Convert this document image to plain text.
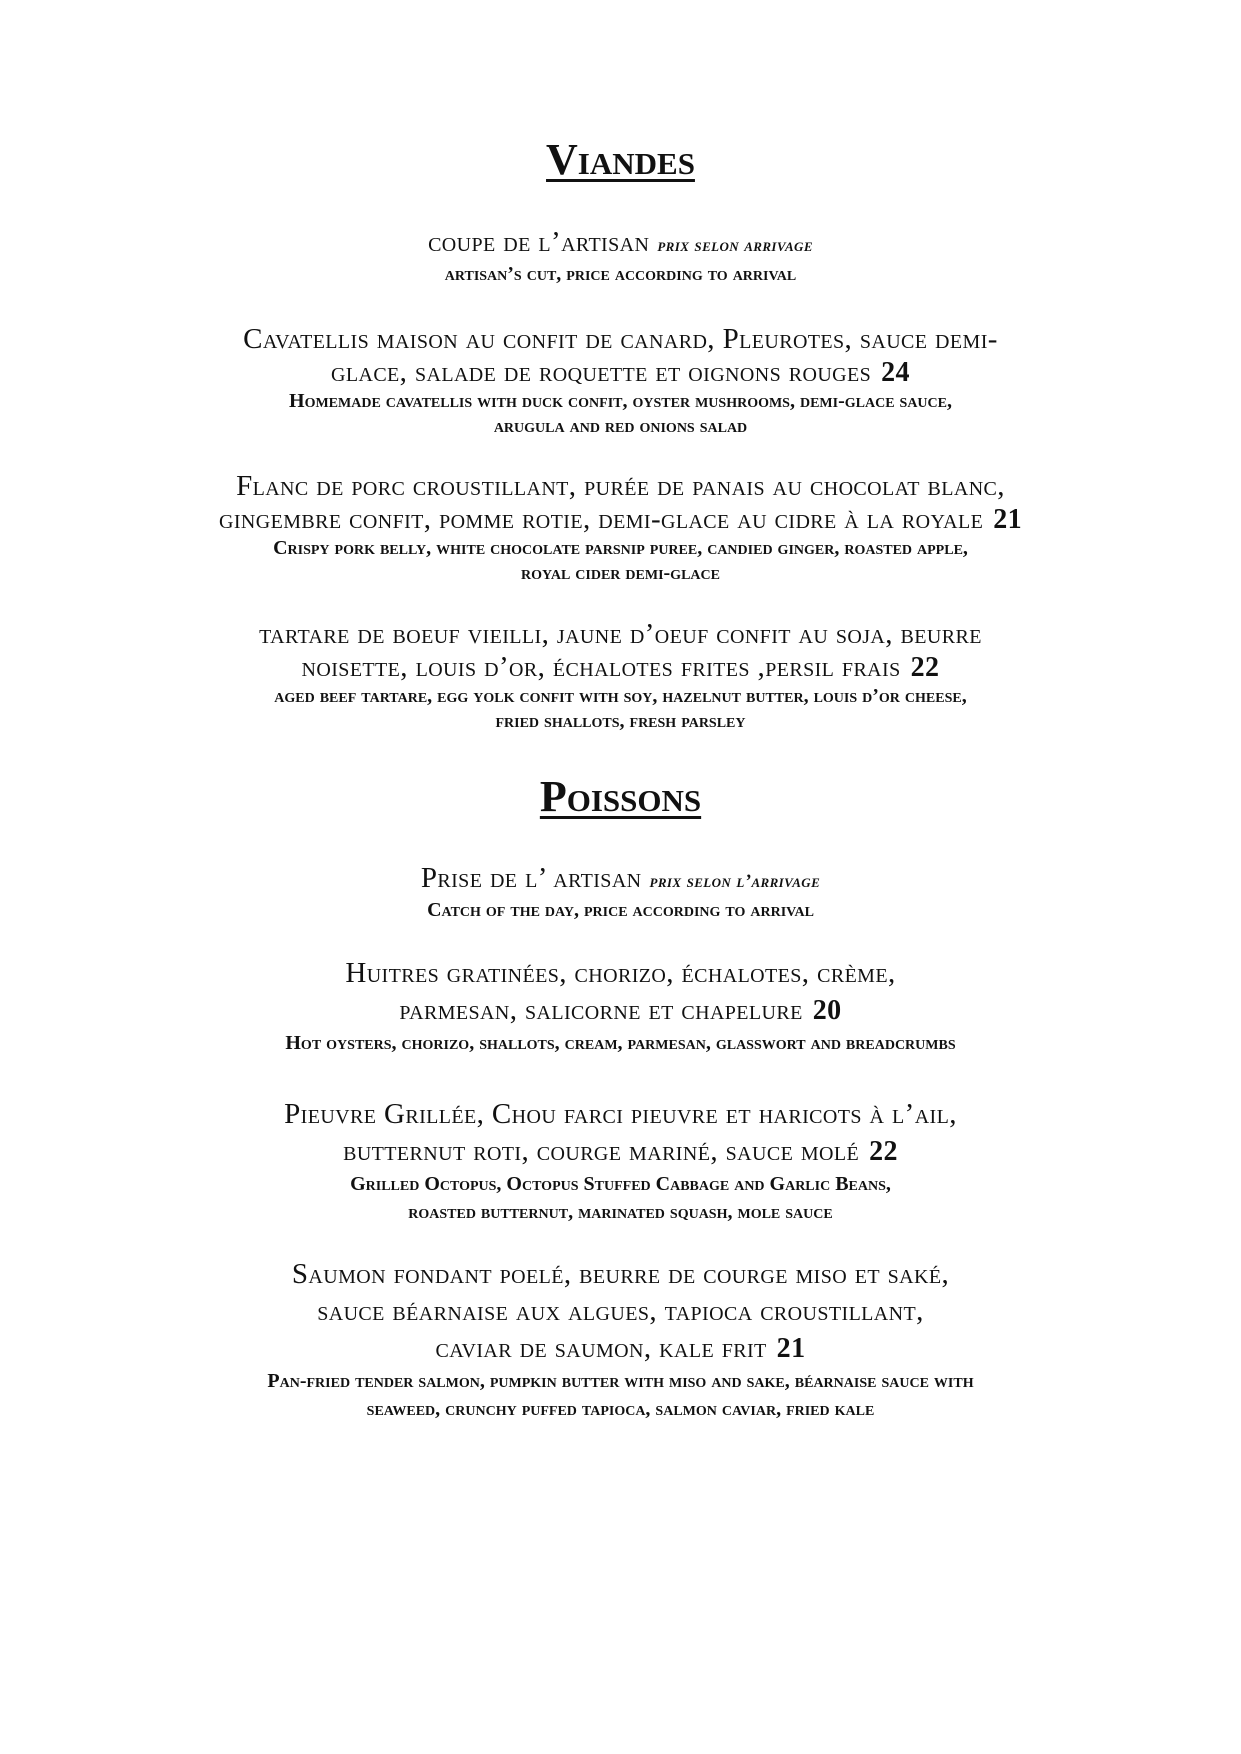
Viandes
coupe de l’artisan prix selon arrivage
artisan’s cut, price according to arrival
Cavatellis maison au confit de canard, Pleurotes, sauce demi-
glace, salade de roquette et oignons rouges 24
Homemade cavatellis with duck confit, oyster mushrooms, demi-glace sauce,
arugula and red onions salad
Flanc de porc croustillant, purée de panais au chocolat blanc,
gingembre confit, pomme rotie, demi-glace au cidre à la royale 21
Crispy pork belly, white chocolate parsnip puree, candied ginger, roasted apple,
royal cider demi-glace
tartare de boeuf vieilli, jaune d’oeuf confit au soja, beurre
noisette, louis d’or, échalotes frites ,persil frais 22
aged beef tartare, egg yolk confit with soy, hazelnut butter, louis d’or cheese,
fried shallots, fresh parsley
Poissons
Prise de l’ artisan prix selon l’arrivage
Catch of the day, price according to arrival
Huitres gratinées, chorizo, échalotes, crème,
parmesan, salicorne et chapelure 20
Hot oysters, chorizo, shallots, cream, parmesan, glasswort and breadcrumbs
Pieuvre Grillée, Chou farci pieuvre et haricots à l’ail,
butternut roti, courge mariné, sauce molé 22
Grilled Octopus, Octopus Stuffed Cabbage and Garlic Beans,
roasted butternut, marinated squash, mole sauce
Saumon fondant poelé, beurre de courge miso et saké,
sauce béarnaise aux algues, tapioca croustillant,
caviar de saumon, kale frit 21
Pan-fried tender salmon, pumpkin butter with miso and sake, béarnaise sauce with
seaweed, crunchy puffed tapioca, salmon caviar, fried kale
